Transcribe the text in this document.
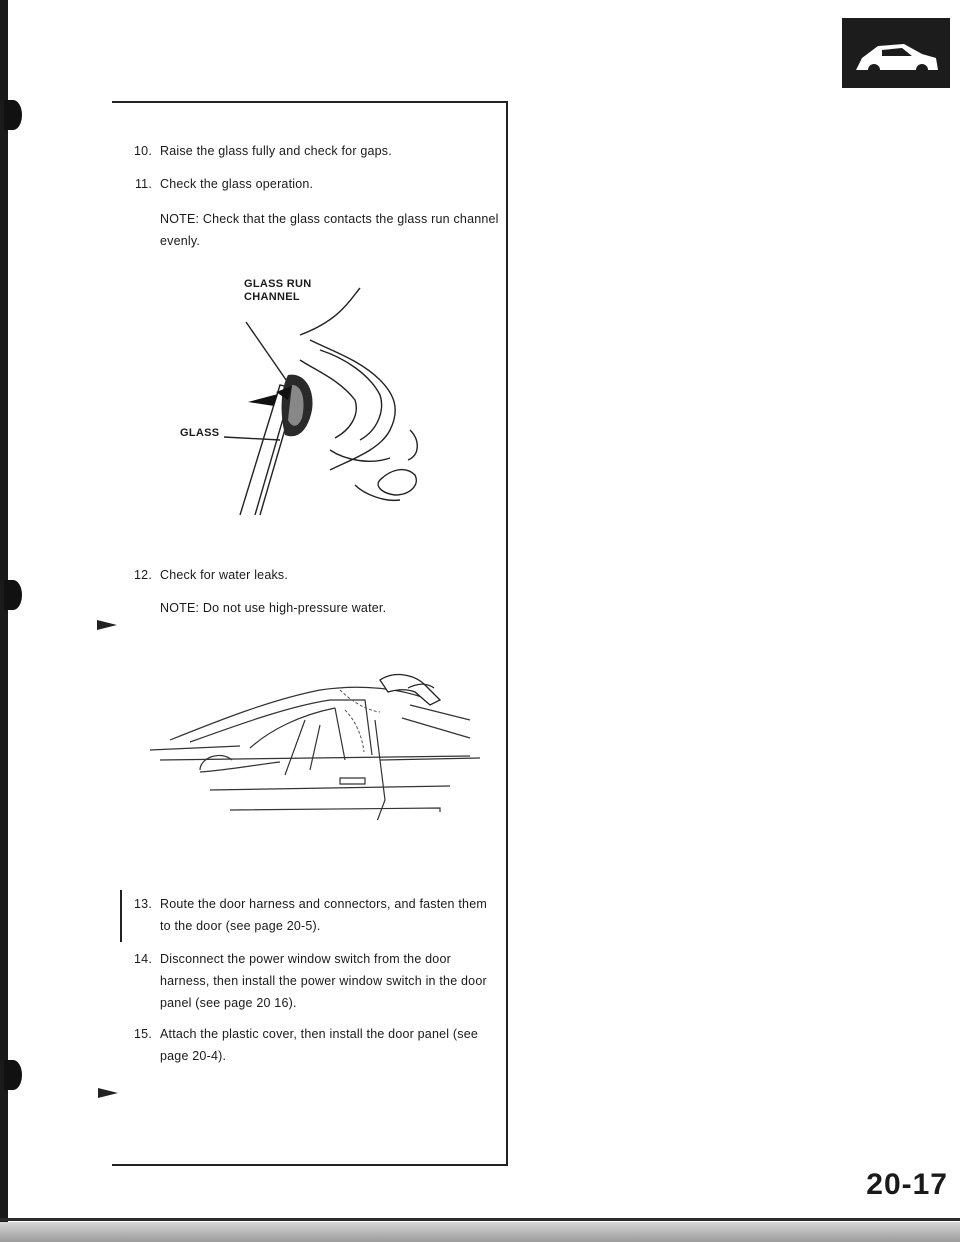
10. Raise the glass fully and check for gaps.
11. Check the glass operation.
NOTE: Check that the glass contacts the glass run channel evenly.
GLASS RUN CHANNEL
GLASS
12. Check for water leaks.
NOTE: Do not use high-pressure water.
13. Route the door harness and connectors, and fasten them to the door (see page 20-5).
14. Disconnect the power window switch from the door harness, then install the power window switch in the door panel (see page 20 16).
15. Attach the plastic cover, then install the door panel (see page 20-4).
20-17
